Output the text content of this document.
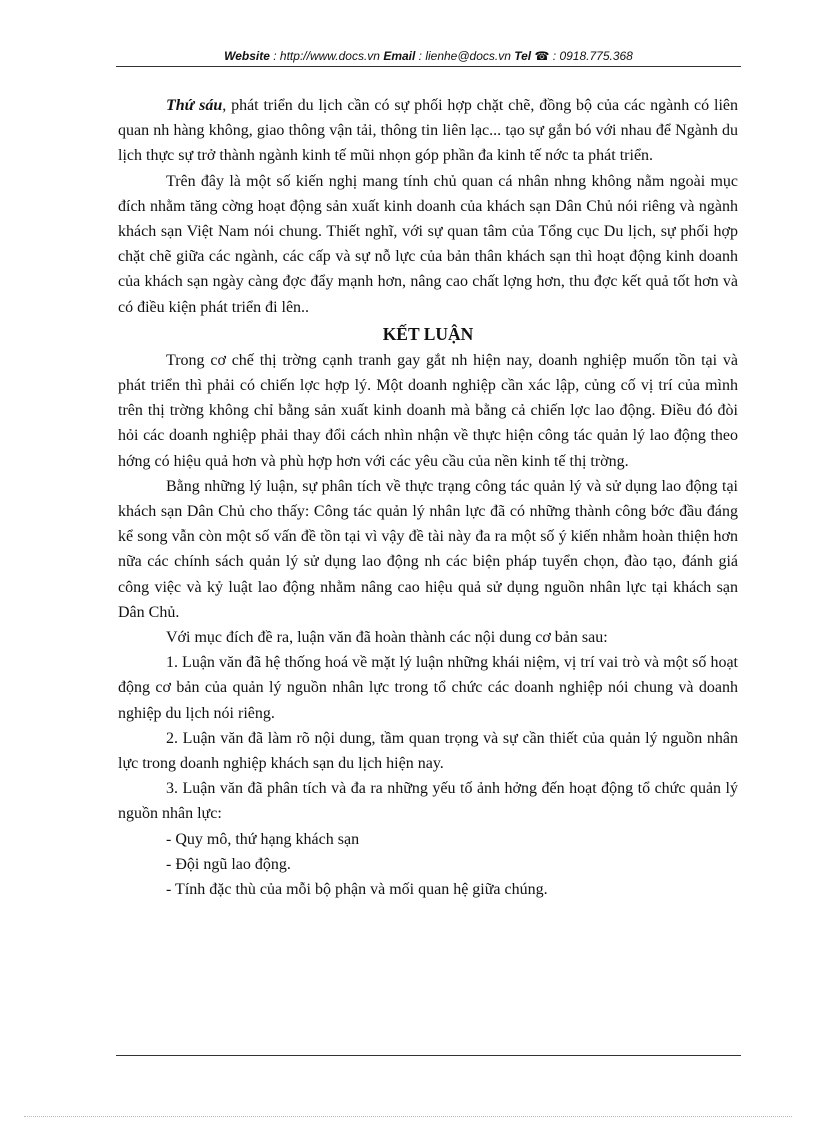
Website : http://www.docs.vn Email : lienhe@docs.vn Tel ☎ : 0918.775.368

Thứ sáu, phát triển du lịch cần có sự phối hợp chặt chẽ, đồng bộ của các ngành có liên quan nh hàng không, giao thông vận tải, thông tin liên lạc... tạo sự gắn bó với nhau để Ngành du lịch thực sự trở thành ngành kinh tế mũi nhọn góp phần đa kinh tế nớc ta phát triển.

Trên đây là một số kiến nghị mang tính chủ quan cá nhân nhng không nằm ngoài mục đích nhằm tăng cờng hoạt động sản xuất kinh doanh của khách sạn Dân Chủ nói riêng và ngành khách sạn Việt Nam nói chung. Thiết nghĩ, với sự quan tâm của Tổng cục Du lịch, sự phối hợp chặt chẽ giữa các ngành, các cấp và sự nỗ lực của bản thân khách sạn thì hoạt động kinh doanh của khách sạn ngày càng đợc đẩy mạnh hơn, nâng cao chất lợng hơn, thu đợc kết quả tốt hơn và có điều kiện phát triển đi lên..

KẾT LUẬN

Trong cơ chế thị trờng cạnh tranh gay gắt nh hiện nay, doanh nghiệp muốn tồn tại và phát triển thì phải có chiến lợc hợp lý. Một doanh nghiệp cần xác lập, củng cố vị trí của mình trên thị trờng không chỉ bằng sản xuất kinh doanh mà bằng cả chiến lợc lao động. Điều đó đòi hỏi các doanh nghiệp phải thay đổi cách nhìn nhận về thực hiện công tác quản lý lao động theo hớng có hiệu quả hơn và phù hợp hơn với các yêu cầu của nền kinh tế thị trờng.

Bằng những lý luận, sự phân tích về thực trạng công tác quản lý và sử dụng lao động tại khách sạn Dân Chủ cho thấy: Công tác quản lý nhân lực đã có những thành công bớc đầu đáng kể song vẫn còn một số vấn đề tồn tại vì vậy đề tài này đa ra một số ý kiến nhằm hoàn thiện hơn nữa các chính sách quản lý sử dụng lao động nh các biện pháp tuyển chọn, đào tạo, đánh giá công việc và kỷ luật lao động nhằm nâng cao hiệu quả sử dụng nguồn nhân lực tại khách sạn Dân Chủ.

Với mục đích đề ra, luận văn đã hoàn thành các nội dung cơ bản sau:

1. Luận văn đã hệ thống hoá về mặt lý luận những khái niệm, vị trí vai trò và một số hoạt động cơ bản của quản lý nguồn nhân lực trong tổ chức các doanh nghiệp nói chung và doanh nghiệp du lịch nói riêng.

2. Luận văn đã làm rõ nội dung, tầm quan trọng và sự cần thiết của quản lý nguồn nhân lực trong doanh nghiệp khách sạn du lịch hiện nay.

3. Luận văn đã phân tích và đa ra những yếu tố ảnh hởng đến hoạt động tổ chức quản lý nguồn nhân lực:

- Quy mô, thứ hạng khách sạn

- Đội ngũ lao động.

- Tính đặc thù của mỗi bộ phận và mối quan hệ giữa chúng.
